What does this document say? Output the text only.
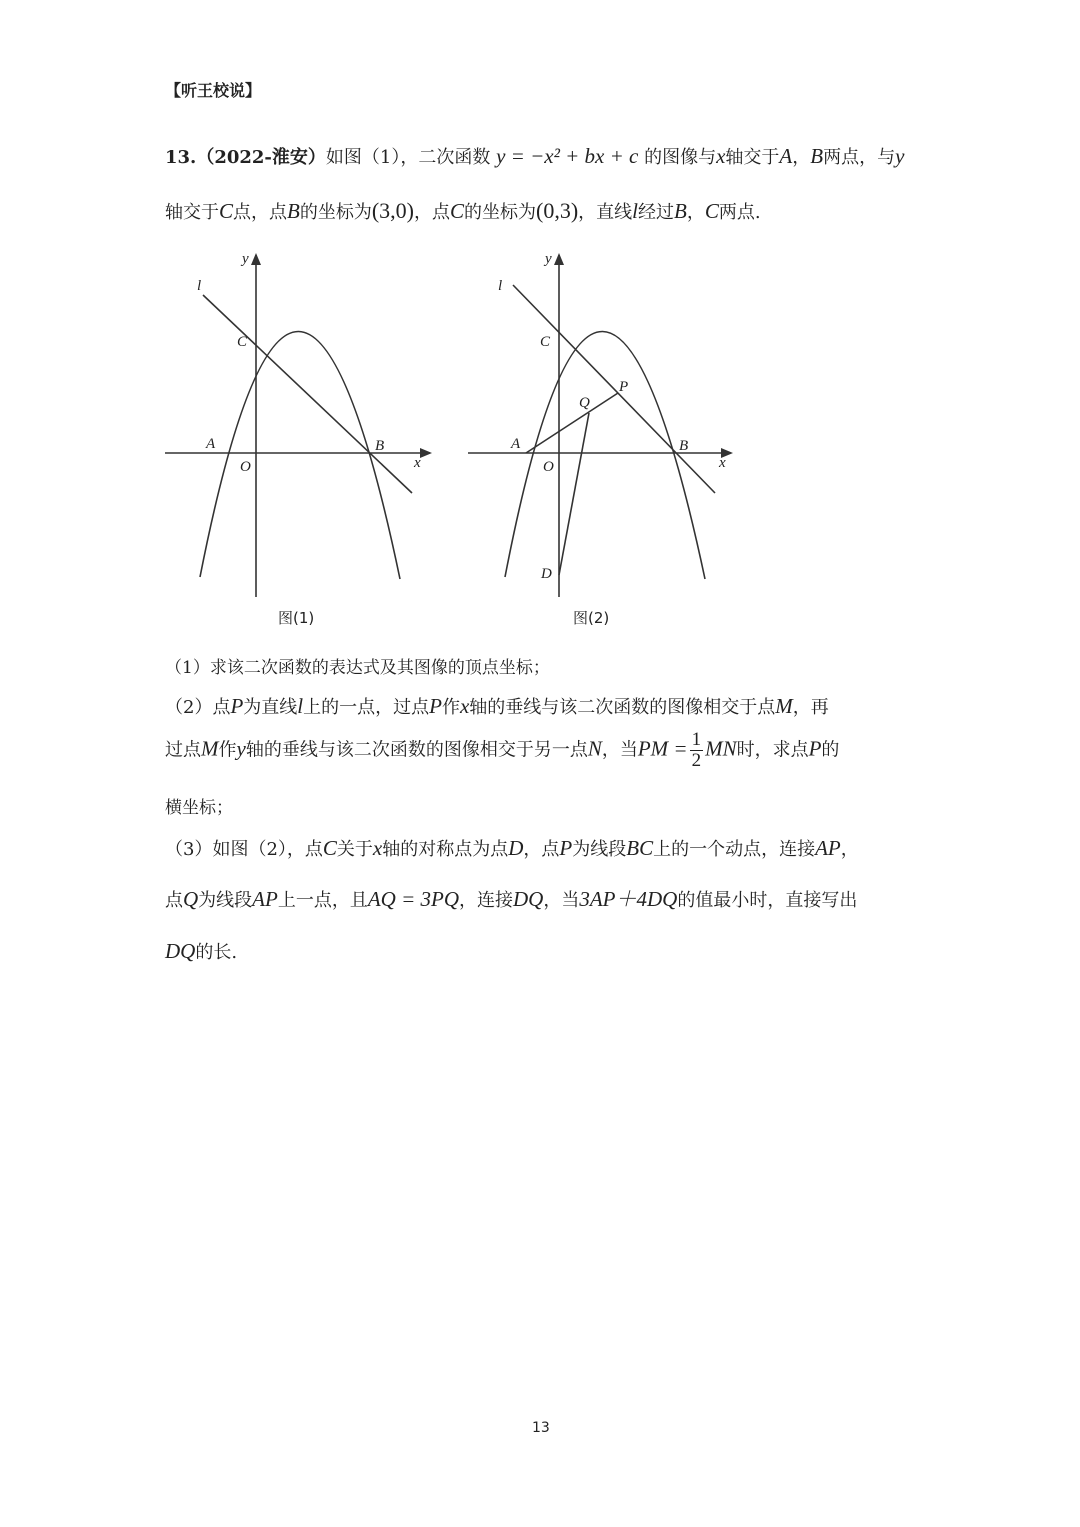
【听王校说】
13.（2022-淮安）如图（1），二次函数 y = −x² + bx + c 的图像与x轴交于A，B两点，与y
轴交于C点，点B的坐标为(3,0)，点C的坐标为(0,3)，直线l经过B，C两点.
y
x
l
C
A	B
O
图(1)
y
x
l
C
A	B
O
P
Q
D
图(2)
（1）求该二次函数的表达式及其图像的顶点坐标；
（2）点P为直线l上的一点，过点P作x轴的垂线与该二次函数的图像相交于点M，再
过点M作y轴的垂线与该二次函数的图像相交于另一点N，当PM = $\frac{1}{2}$ MN时，求点P的
横坐标；
（3）如图（2），点C关于x轴的对称点为点D，点P为线段BC上的一个动点，连接AP，
点Q为线段AP上一点，且AQ = 3PQ，连接DQ，当3AP＋4DQ的值最小时，直接写出
DQ的长.
13
